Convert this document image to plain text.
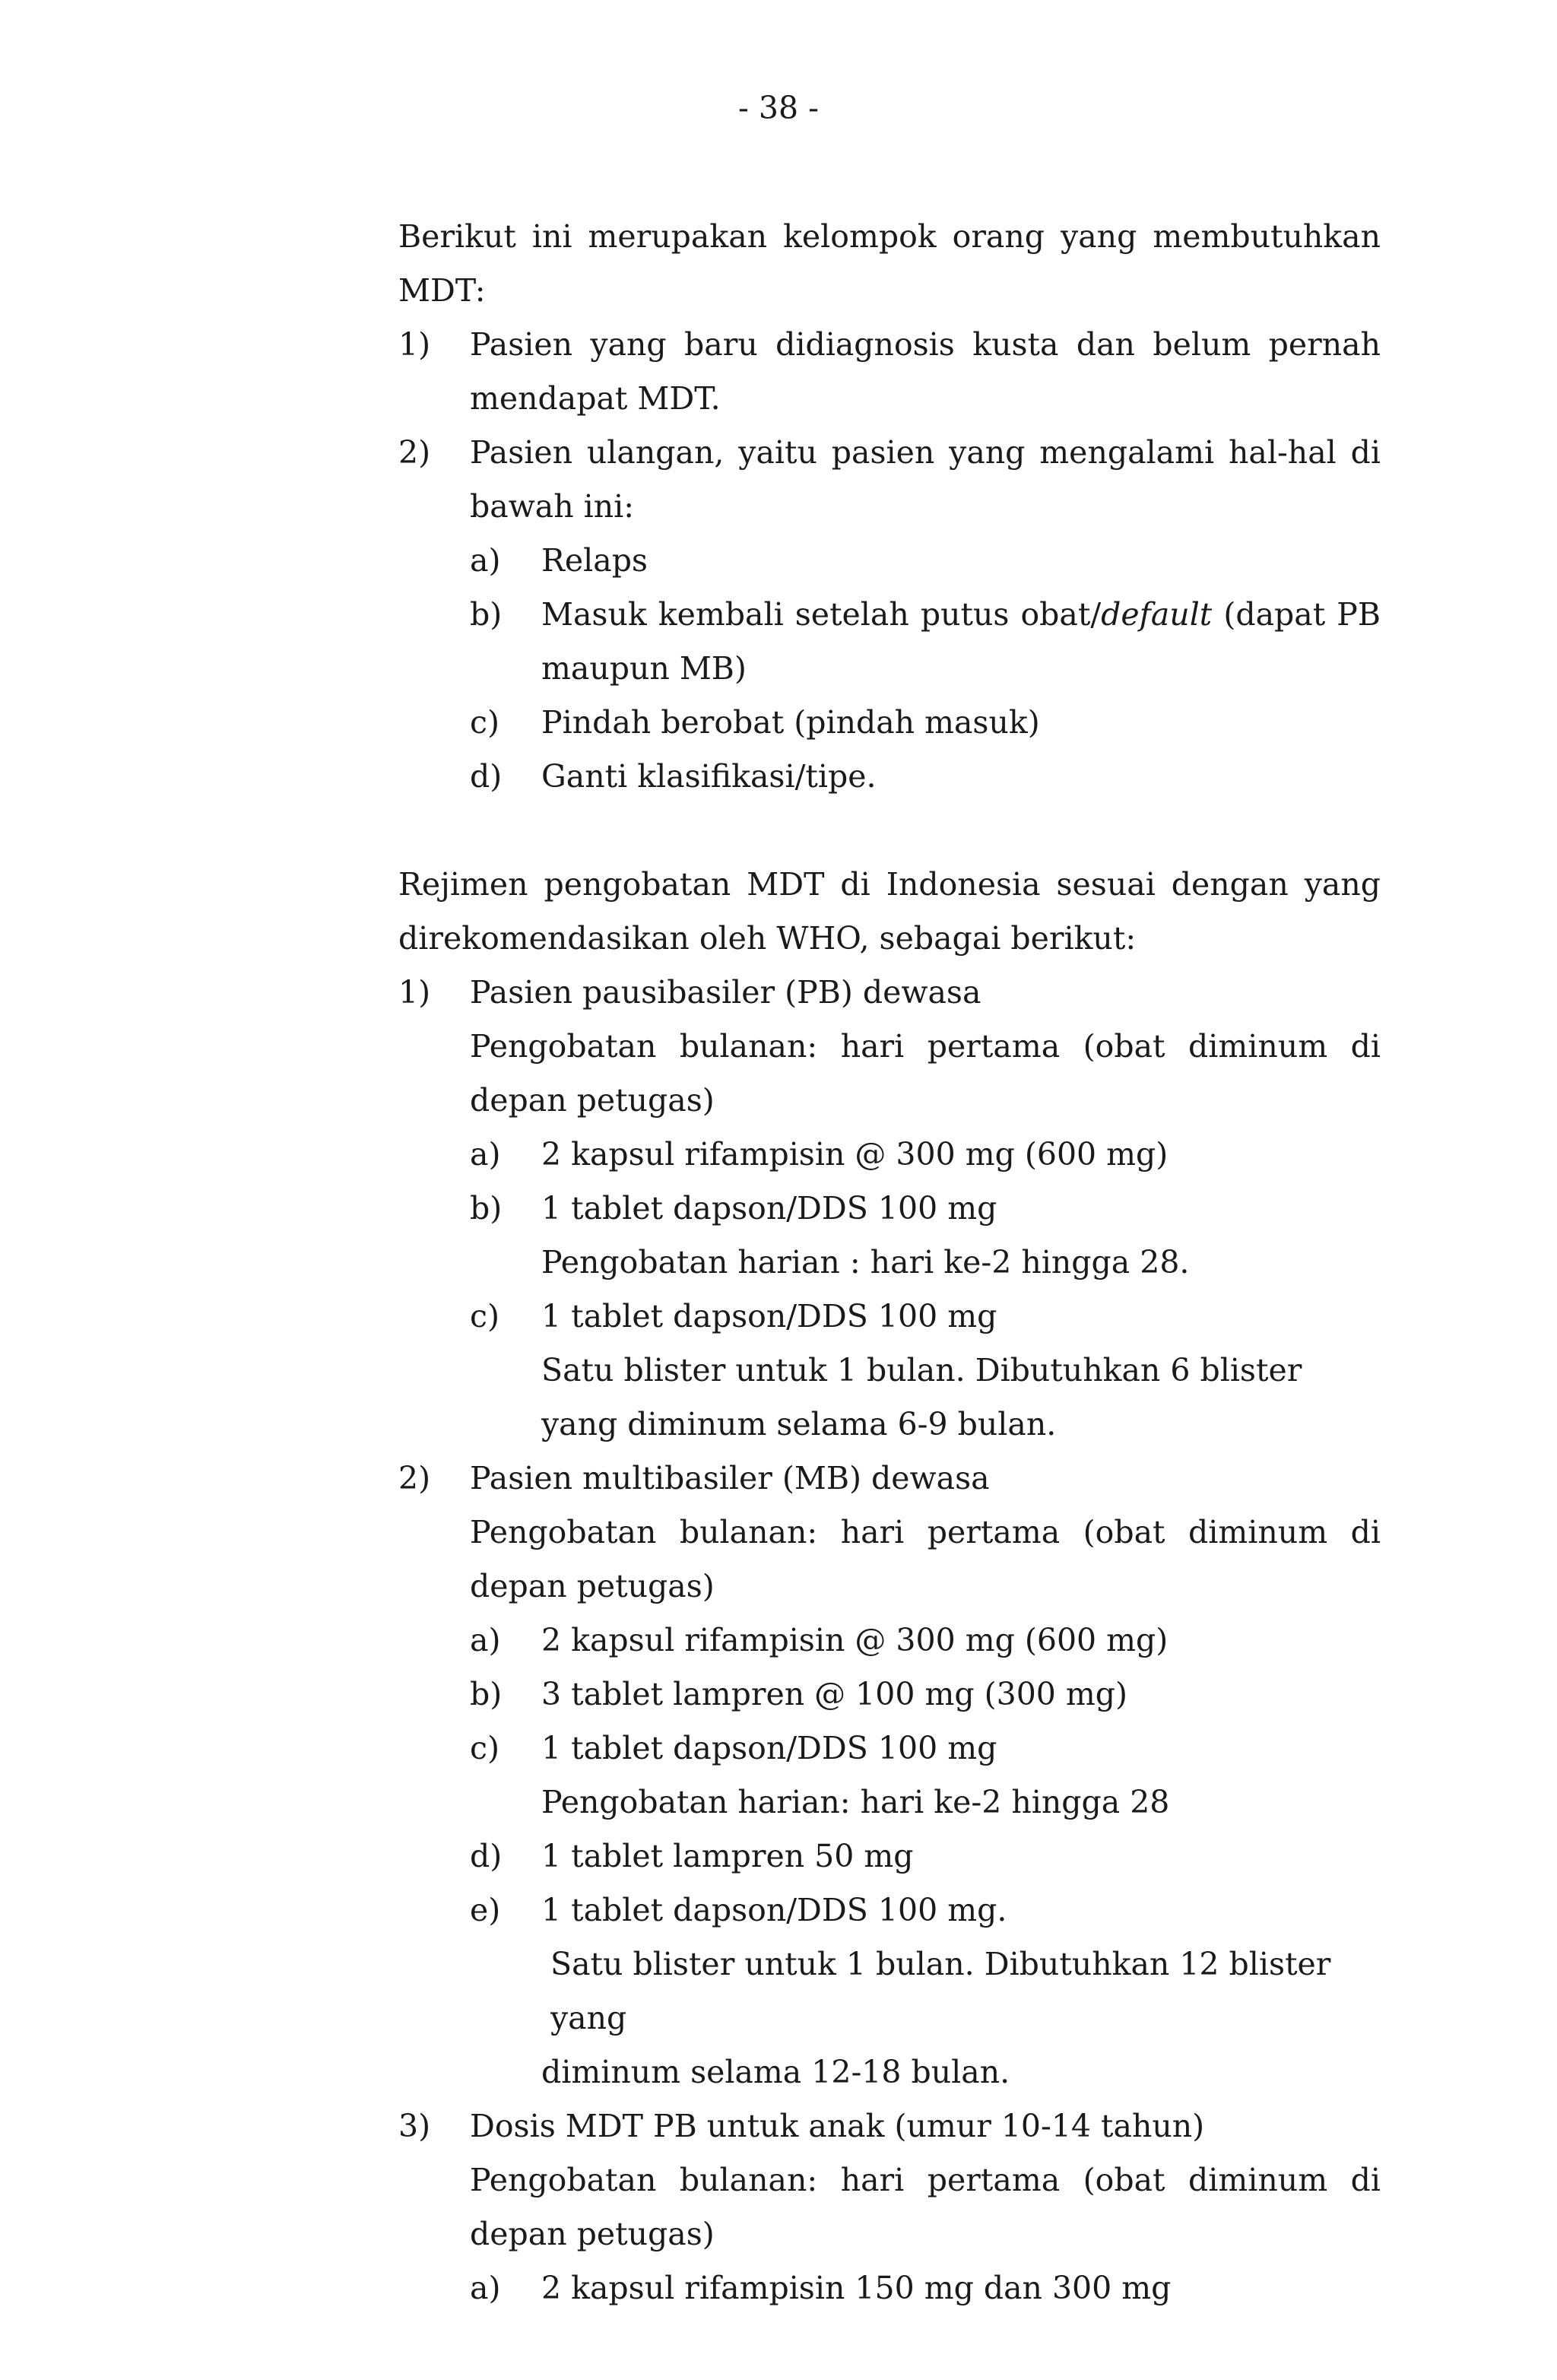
- 38 -

Berikut ini merupakan kelompok orang yang membutuhkan MDT:

1)	Pasien yang baru didiagnosis kusta dan belum pernah mendapat MDT.
2)	Pasien ulangan, yaitu pasien yang mengalami hal-hal di bawah ini:
a)	Relaps
b)	Masuk kembali setelah putus obat/default (dapat PB maupun MB)
c)	Pindah berobat (pindah masuk)
d)	Ganti klasifikasi/tipe.

Rejimen pengobatan MDT di Indonesia sesuai dengan yang direkomendasikan oleh WHO, sebagai berikut:

1)	Pasien pausibasiler (PB) dewasa
Pengobatan bulanan: hari pertama (obat diminum di depan petugas)
a)	2 kapsul rifampisin @ 300 mg (600 mg)
b)	1 tablet dapson/DDS 100 mg
Pengobatan harian : hari ke-2 hingga 28.
c)	1 tablet dapson/DDS 100 mg
Satu blister untuk 1 bulan. Dibutuhkan 6 blister yang diminum selama 6-9 bulan.
2)	Pasien multibasiler (MB) dewasa
Pengobatan bulanan: hari pertama (obat diminum di depan petugas)
a)	2 kapsul rifampisin @ 300 mg (600 mg)
b)	3 tablet lampren @ 100 mg (300 mg)
c)	1 tablet dapson/DDS 100 mg
Pengobatan harian: hari ke-2 hingga 28
d)	1 tablet lampren 50 mg
e)	1 tablet dapson/DDS 100 mg.
Satu blister untuk 1 bulan. Dibutuhkan 12 blister yang
diminum selama 12-18 bulan.
3)	Dosis MDT PB untuk anak (umur 10-14 tahun)
Pengobatan bulanan: hari pertama (obat diminum di depan petugas)
a)	2 kapsul rifampisin 150 mg dan 300 mg
